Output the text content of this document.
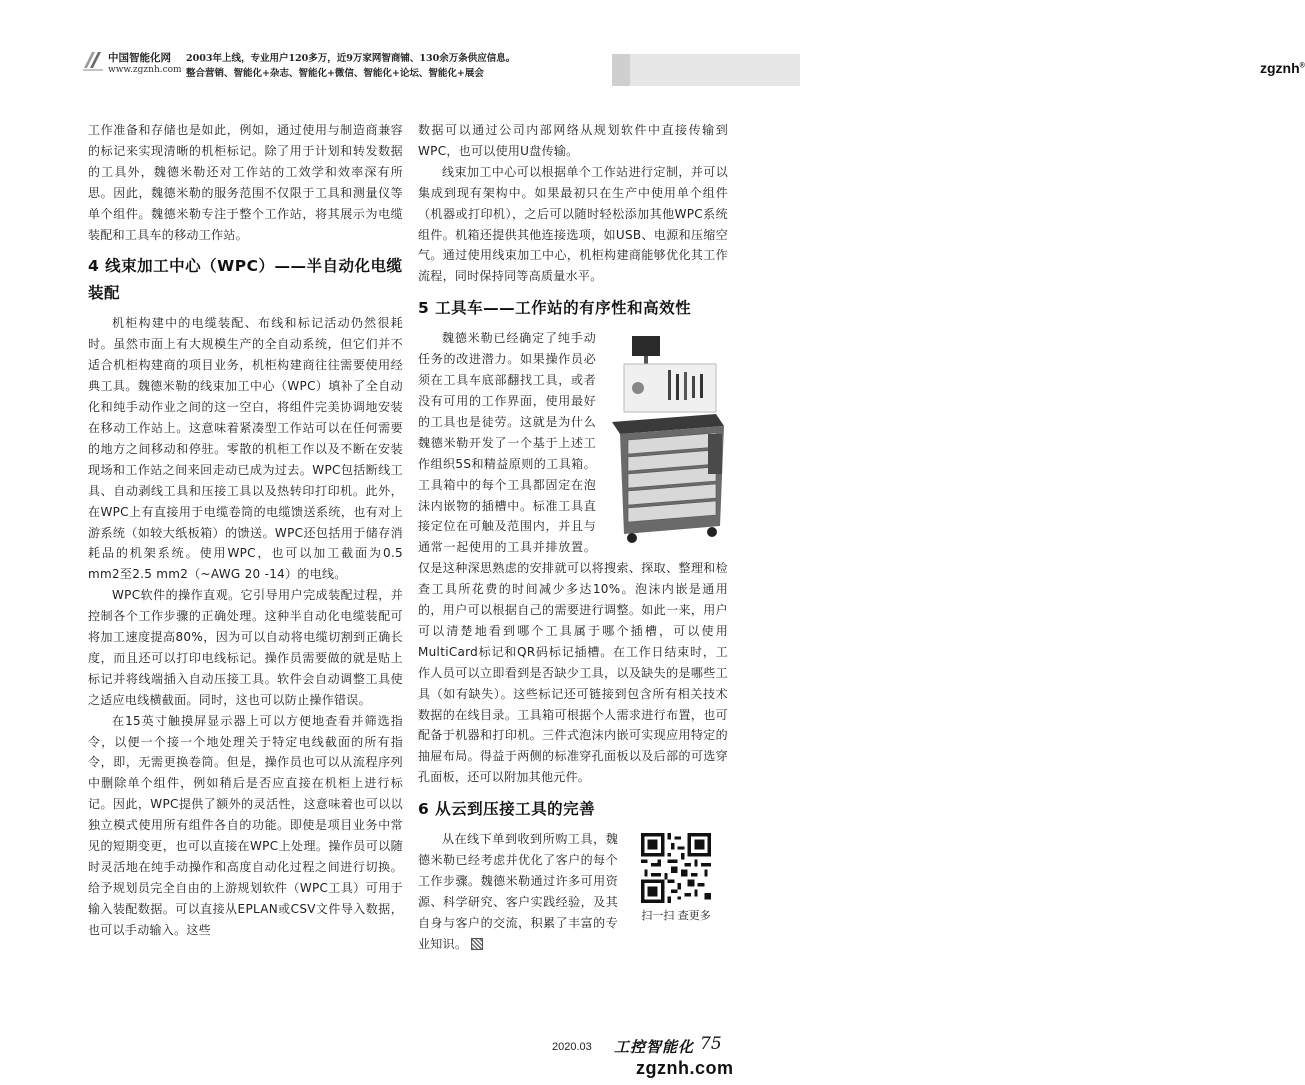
中国智能化网
www.zgznh.com
2003年上线，专业用户120多万，近9万家网智商铺、130余万条供应信息。
整合营销、智能化+杂志、智能化+微信、智能化+论坛、智能化+展会	zgznh®

工作准备和存储也是如此，例如，通过使用与制造商兼容的标记来实现清晰的机柜标记。除了用于计划和转发数据的工具外，魏德米勒还对工作站的工效学和效率深有所思。因此，魏德米勒的服务范围不仅限于工具和测量仪等单个组件。魏德米勒专注于整个工作站，将其展示为电缆装配和工具车的移动工作站。

4 线束加工中心（WPC）——半自动化电缆装配

机柜构建中的电缆装配、布线和标记活动仍然很耗时。虽然市面上有大规模生产的全自动系统，但它们并不适合机柜构建商的项目业务，机柜构建商往往需要使用经典工具。魏德米勒的线束加工中心（WPC）填补了全自动化和纯手动作业之间的这一空白，将组件完美协调地安装在移动工作站上。这意味着紧凑型工作站可以在任何需要的地方之间移动和停驻。零散的机柜工作以及不断在安装现场和工作站之间来回走动已成为过去。WPC包括断线工具、自动剥线工具和压接工具以及热转印打印机。此外，在WPC上有直接用于电缆卷筒的电缆馈送系统，也有对上游系统（如较大纸板箱）的馈送。WPC还包括用于储存消耗品的机架系统。使用WPC，也可以加工截面为0.5 mm2至2.5 mm2（~AWG 20 -14）的电线。

WPC软件的操作直观。它引导用户完成装配过程，并控制各个工作步骤的正确处理。这种半自动化电缆装配可将加工速度提高80%，因为可以自动将电缆切割到正确长度，而且还可以打印电线标记。操作员需要做的就是贴上标记并将线端插入自动压接工具。软件会自动调整工具使之适应电线横截面。同时，这也可以防止操作错误。

在15英寸触摸屏显示器上可以方便地查看并筛选指令，以便一个接一个地处理关于特定电线截面的所有指令，即，无需更换卷筒。但是，操作员也可以从流程序列中删除单个组件，例如稍后是否应直接在机柜上进行标记。因此，WPC提供了额外的灵活性，这意味着也可以以独立模式使用所有组件各自的功能。即使是项目业务中常见的短期变更，也可以直接在WPC上处理。操作员可以随时灵活地在纯手动操作和高度自动化过程之间进行切换。给予规划员完全自由的上游规划软件（WPC工具）可用于输入装配数据。可以直接从EPLAN或CSV文件导入数据，也可以手动输入。这些

数据可以通过公司内部网络从规划软件中直接传输到WPC，也可以使用U盘传输。

线束加工中心可以根据单个工作站进行定制，并可以集成到现有架构中。如果最初只在生产中使用单个组件（机器或打印机），之后可以随时轻松添加其他WPC系统组件。机箱还提供其他连接选项，如USB、电源和压缩空气。通过使用线束加工中心，机柜构建商能够优化其工作流程，同时保持同等高质量水平。

5 工具车——工作站的有序性和高效性

魏德米勒已经确定了纯手动任务的改进潜力。如果操作员必须在工具车底部翻找工具，或者没有可用的工作界面，使用最好的工具也是徒劳。这就是为什么魏德米勒开发了一个基于上述工作组织5S和精益原则的工具箱。工具箱中的每个工具都固定在泡沫内嵌物的插槽中。标准工具直接定位在可触及范围内，并且与通常一起使用的工具并排放置。仅是这种深思熟虑的安排就可以将搜索、探取、整理和检查工具所花费的时间减少多达10%。泡沫内嵌是通用的，用户可以根据自己的需要进行调整。如此一来，用户可以清楚地看到哪个工具属于哪个插槽，可以使用MultiCard标记和QR码标记插槽。在工作日结束时，工作人员可以立即看到是否缺少工具，以及缺失的是哪些工具（如有缺失）。这些标记还可链接到包含所有相关技术数据的在线目录。工具箱可根据个人需求进行布置，也可配备于机器和打印机。三件式泡沫内嵌可实现应用特定的抽屉布局。得益于两侧的标准穿孔面板以及后部的可选穿孔面板，还可以附加其他元件。

6 从云到压接工具的完善
扫一扫 查更多

从在线下单到收到所购工具，魏德米勒已经考虑并优化了客户的每个工作步骤。魏德米勒通过许多可用资源、科学研究、客户实践经验，及其自身与客户的交流，积累了丰富的专业知识。

2020.03 工控智能化 75
zgznh.com
